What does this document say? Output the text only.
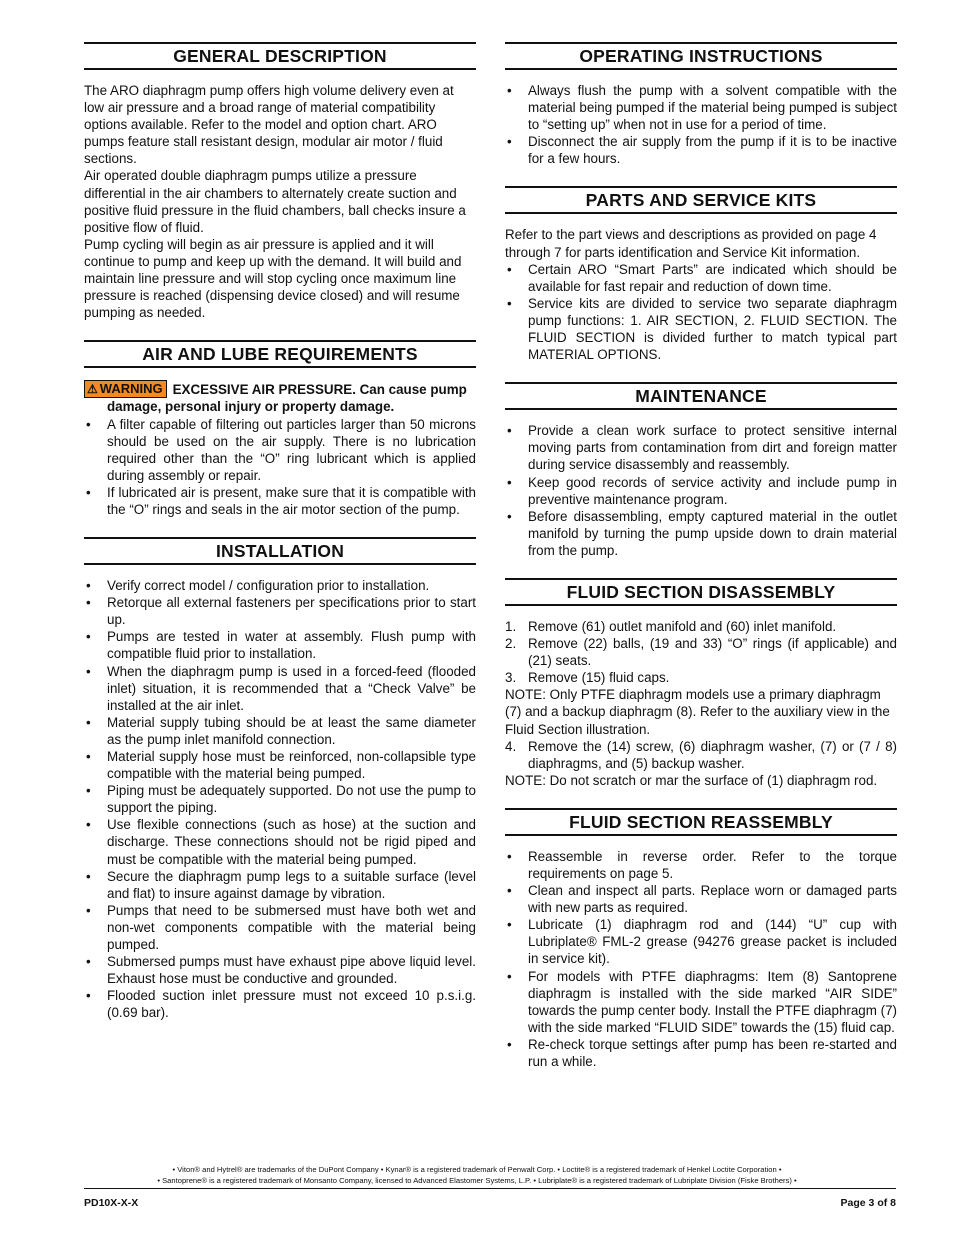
GENERAL DESCRIPTION

The ARO diaphragm pump offers high volume delivery even at low air pressure and a broad range of material compatibility options available. Refer to the model and option chart. ARO pumps feature stall resistant design, modular air motor / fluid sections.

Air operated double diaphragm pumps utilize a pressure differential in the air chambers to alternately create suction and positive fluid pressure in the fluid chambers, ball checks insure a positive flow of fluid.

Pump cycling will begin as air pressure is applied and it will continue to pump and keep up with the demand. It will build and maintain line pressure and will stop cycling once maximum line pressure is reached (dispensing device closed) and will resume pumping as needed.

AIR AND LUBE REQUIREMENTS

⚠ WARNING EXCESSIVE AIR PRESSURE. Can cause pump damage, personal injury or property damage.

• A filter capable of filtering out particles larger than 50 microns should be used on the air supply. There is no lubrication required other than the “O” ring lubricant which is applied during assembly or repair.
• If lubricated air is present, make sure that it is compatible with the “O” rings and seals in the air motor section of the pump.
INSTALLATION
• Verify correct model / configuration prior to installation.
• Retorque all external fasteners per specifications prior to start up.
• Pumps are tested in water at assembly. Flush pump with compatible fluid prior to installation.
• When the diaphragm pump is used in a forced-feed (flooded inlet) situation, it is recommended that a “Check Valve” be installed at the air inlet.
• Material supply tubing should be at least the same diameter as the pump inlet manifold connection.
• Material supply hose must be reinforced, non-collapsible type compatible with the material being pumped.
• Piping must be adequately supported. Do not use the pump to support the piping.
• Use flexible connections (such as hose) at the suction and discharge. These connections should not be rigid piped and must be compatible with the material being pumped.
• Secure the diaphragm pump legs to a suitable surface (level and flat) to insure against damage by vibration.
• Pumps that need to be submersed must have both wet and non-wet components compatible with the material being pumped.
• Submersed pumps must have exhaust pipe above liquid level. Exhaust hose must be conductive and grounded.
• Flooded suction inlet pressure must not exceed 10 p.s.i.g. (0.69 bar).
OPERATING INSTRUCTIONS
• Always flush the pump with a solvent compatible with the material being pumped if the material being pumped is subject to “setting up” when not in use for a period of time.
• Disconnect the air supply from the pump if it is to be inactive for a few hours.
PARTS AND SERVICE KITS

Refer to the part views and descriptions as provided on page 4 through 7 for parts identification and Service Kit information.

• Certain ARO “Smart Parts” are indicated which should be available for fast repair and reduction of down time.
• Service kits are divided to service two separate diaphragm pump functions: 1. AIR SECTION, 2. FLUID SECTION. The FLUID SECTION is divided further to match typical part MATERIAL OPTIONS.
MAINTENANCE
• Provide a clean work surface to protect sensitive internal moving parts from contamination from dirt and foreign matter during service disassembly and reassembly.
• Keep good records of service activity and include pump in preventive maintenance program.
• Before disassembling, empty captured material in the outlet manifold by turning the pump upside down to drain material from the pump.
FLUID SECTION DISASSEMBLY
1. Remove (61) outlet manifold and (60) inlet manifold.
2. Remove (22) balls, (19 and 33) “O” rings (if applicable) and (21) seats.
3. Remove (15) fluid caps.

NOTE: Only PTFE diaphragm models use a primary diaphragm (7) and a backup diaphragm (8). Refer to the auxiliary view in the Fluid Section illustration.

4. Remove the (14) screw, (6) diaphragm washer, (7) or (7 / 8) diaphragms, and (5) backup washer.

NOTE: Do not scratch or mar the surface of (1) diaphragm rod.

FLUID SECTION REASSEMBLY
• Reassemble in reverse order. Refer to the torque requirements on page 5.
• Clean and inspect all parts. Replace worn or damaged parts with new parts as required.
• Lubricate (1) diaphragm rod and (144) “U” cup with Lubriplate® FML-2 grease (94276 grease packet is included in service kit).
• For models with PTFE diaphragms: Item (8) Santoprene diaphragm is installed with the side marked “AIR SIDE” towards the pump center body. Install the PTFE diaphragm (7) with the side marked “FLUID SIDE” towards the (15) fluid cap.
• Re-check torque settings after pump has been re-started and run a while.
• Viton® and Hytrel® are trademarks of the DuPont Company • Kynar® is a registered trademark of Penwalt Corp. • Loctite® is a registered trademark of Henkel Loctite Corporation •
• Santoprene® is a registered trademark of Monsanto Company, licensed to Advanced Elastomer Systems, L.P. • Lubriplate® is a registered trademark of Lubriplate Division (Fiske Brothers) •
PD10X-X-X	Page 3 of 8
